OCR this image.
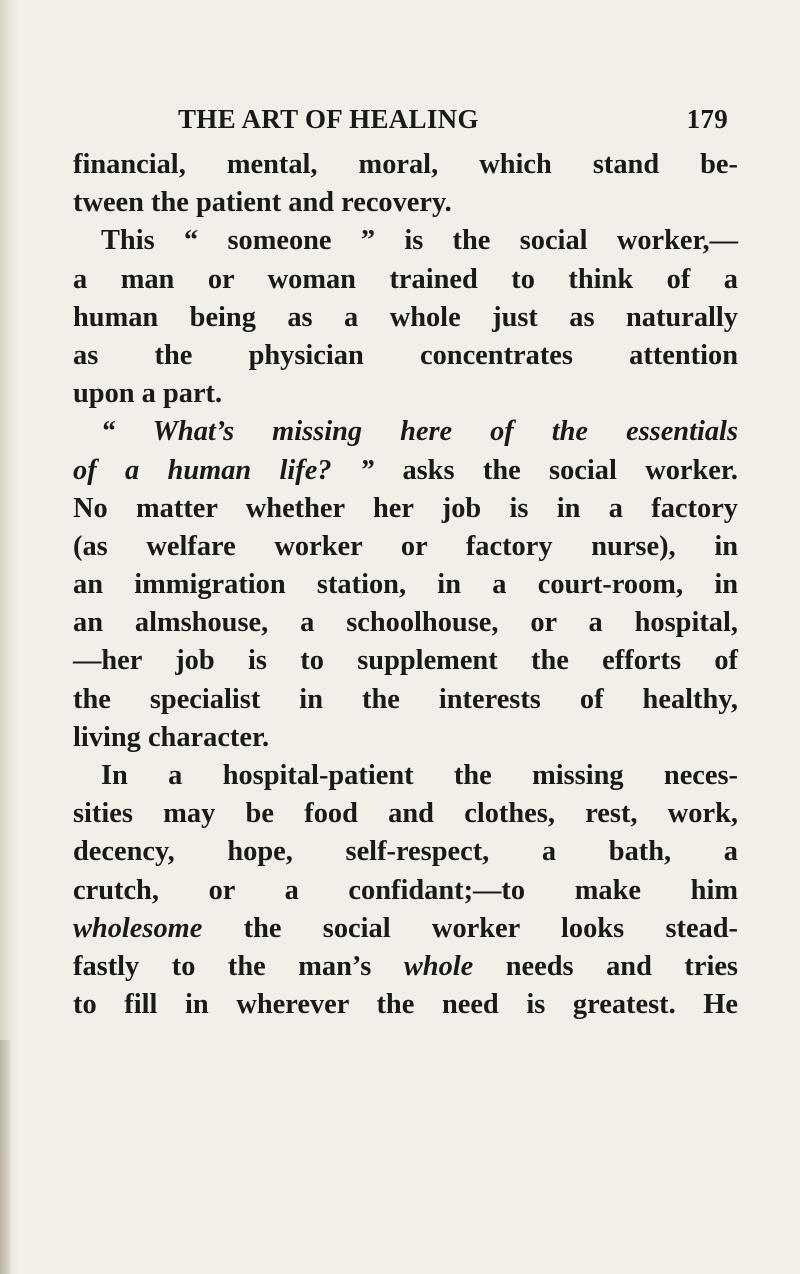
THE ART OF HEALING	179
financial, mental, moral, which stand be-
tween the patient and recovery.
This “ someone ” is the social worker,—
a man or woman trained to think of a
human being as a whole just as naturally
as the physician concentrates attention
upon a part.
“ What’s missing here of the essentials
of a human life? ” asks the social worker.
No matter whether her job is in a factory
(as welfare worker or factory nurse), in
an immigration station, in a court-room, in
an almshouse, a schoolhouse, or a hospital,
—her job is to supplement the efforts of
the specialist in the interests of healthy,
living character.
In a hospital-patient the missing neces-
sities may be food and clothes, rest, work,
decency, hope, self-respect, a bath, a
crutch, or a confidant;—to make him
wholesome the social worker looks stead-
fastly to the man’s whole needs and tries
to fill in wherever the need is greatest. He
